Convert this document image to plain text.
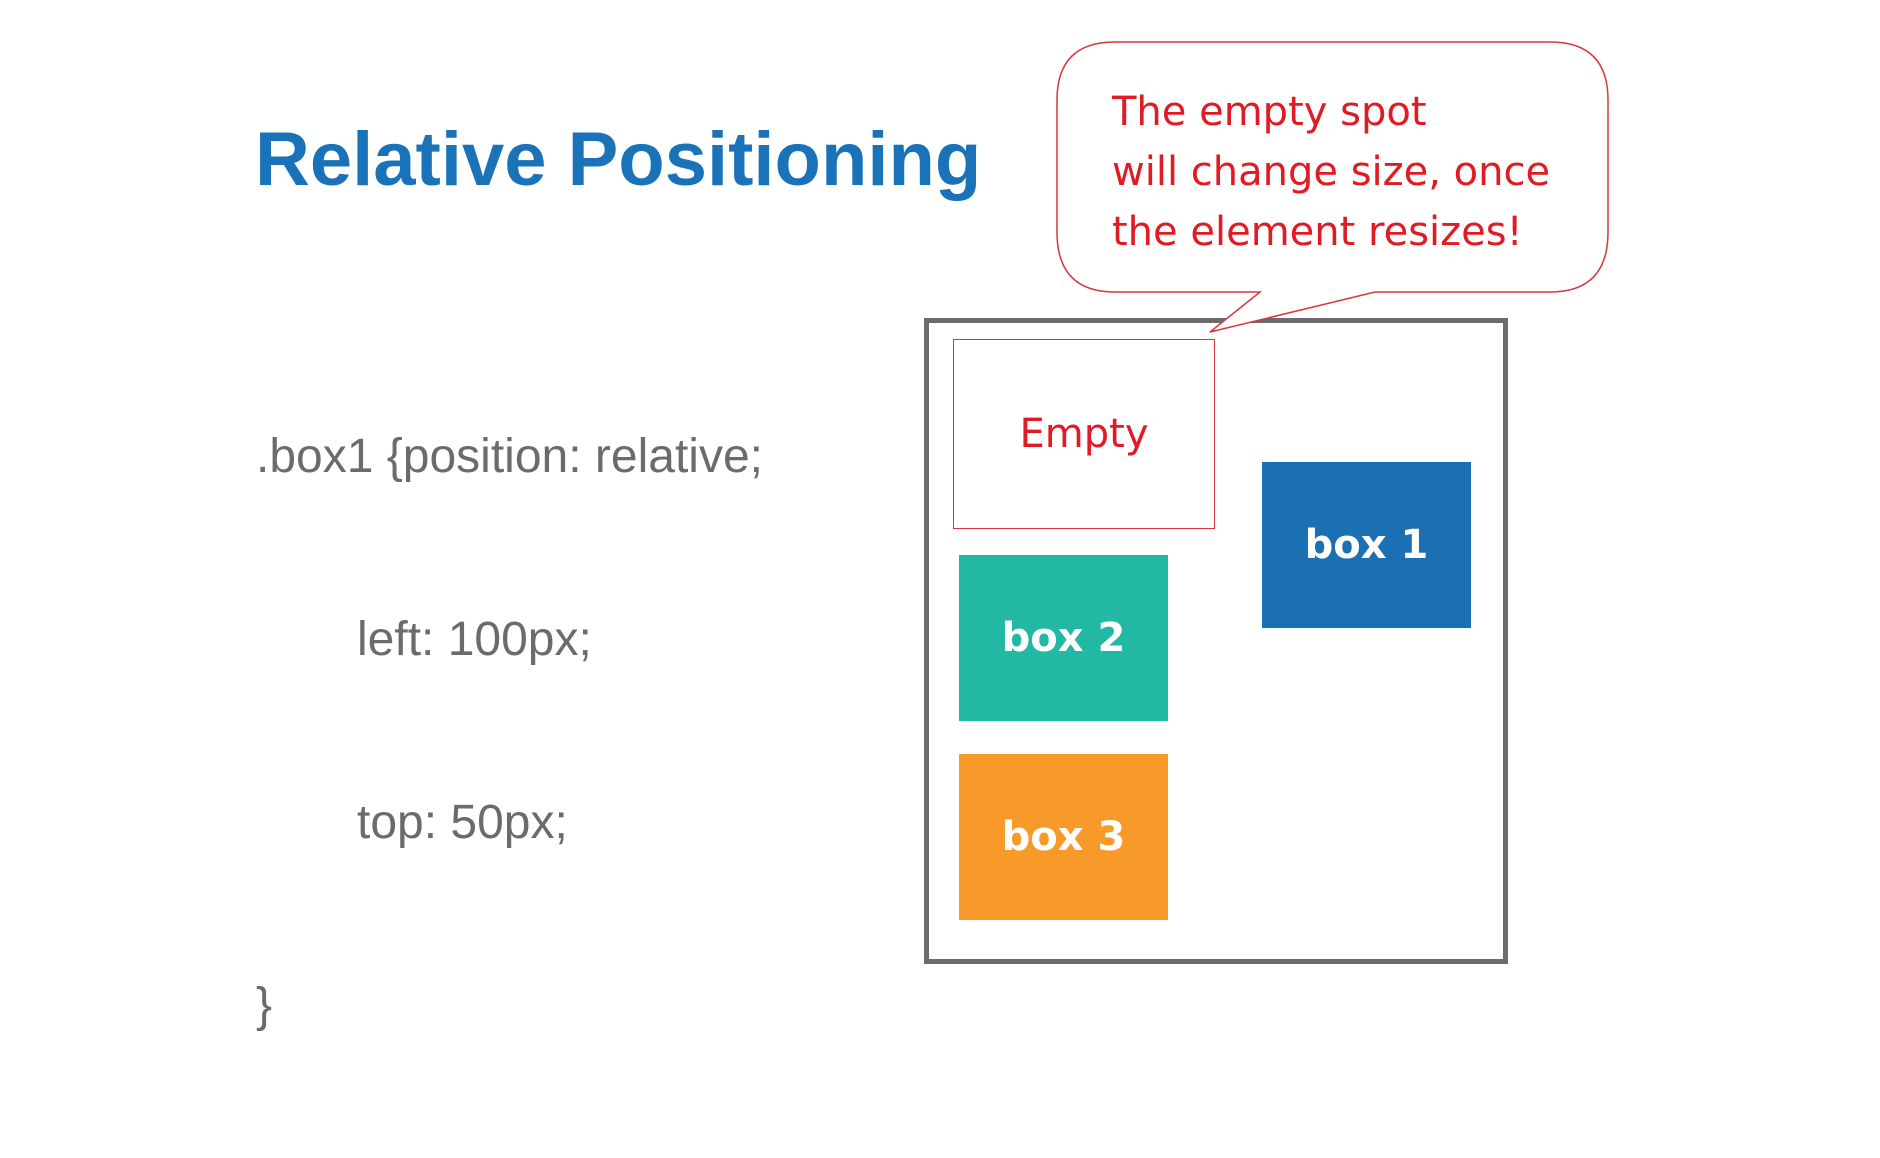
Relative Positioning

.box1 {position: relative;

left: 100px;

top: 50px;

}

Empty
box 1
box 2
box 3
The empty spot
will change size, once
the element resizes!
